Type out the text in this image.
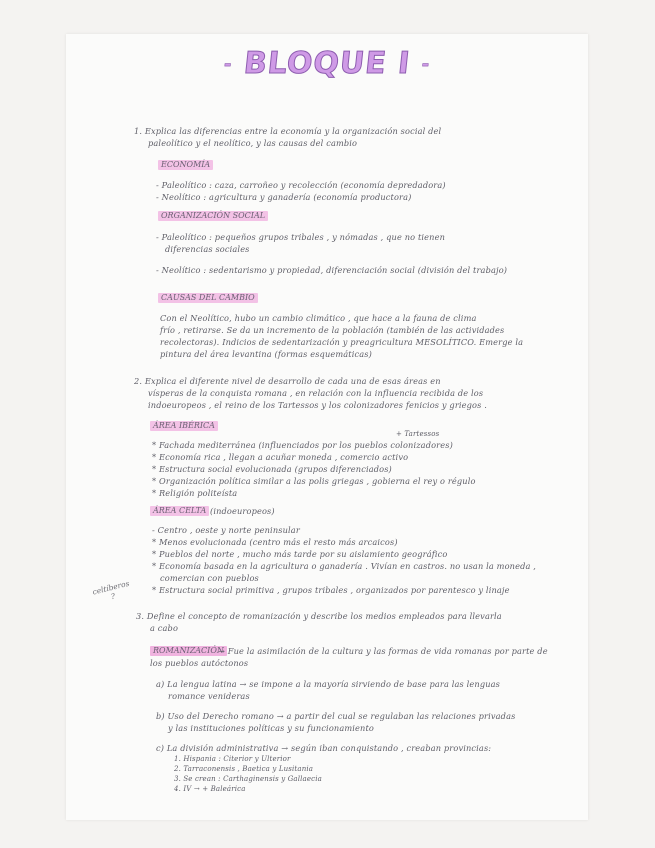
- BLOQUE I -
1. Explica las diferencias entre la economía y la organización social del
paleolítico y el neolítico, y las causas del cambio
ECONOMÍA
- Paleolítico : caza, carroñeo y recolección (economía depredadora)
- Neolítico : agricultura y ganadería (economía productora)
ORGANIZACIÓN SOCIAL
- Paleolítico : pequeños grupos tribales , y nómadas , que no tienen
diferencias sociales
- Neolítico : sedentarismo y propiedad, diferenciación social (división del trabajo)
CAUSAS DEL CAMBIO
Con el Neolítico, hubo un cambio climático , que hace a la fauna de clima
frío , retirarse. Se da un incremento de la población (también de las actividades
recolectoras). Indicios de sedentarización y preagricultura MESOLÍTICO. Emerge la
pintura del área levantina (formas esquemáticas)
2. Explica el diferente nivel de desarrollo de cada una de esas áreas en
vísperas de la conquista romana , en relación con la influencia recibida de los
indoeuropeos , el reino de los Tartessos y los colonizadores fenicios y griegos .
ÁREA IBÉRICA
+ Tartessos
* Fachada mediterránea (influenciados por los pueblos colonizadores)
* Economía rica , llegan a acuñar moneda , comercio activo
* Estructura social evolucionada (grupos diferenciados)
* Organización política similar a las polis griegas , gobierna el rey o régulo
* Religión politeísta
ÁREA CELTA (indoeuropeos)
- Centro , oeste y norte peninsular
* Menos evolucionada (centro más el resto más arcaicos)
* Pueblos del norte , mucho más tarde por su aislamiento geográfico
* Economía basada en la agricultura o ganadería . Vivían en castros. no usan la moneda ,
comercian con pueblos
* Estructura social primitiva , grupos tribales , organizados por parentesco y linaje
celtíberos ?
3. Define el concepto de romanización y describe los medios empleados para llevarla
a cabo
ROMANIZACIÓN
→ Fue la asimilación de la cultura y las formas de vida romanas por parte de
los pueblos autóctonos
a) La lengua latina → se impone a la mayoría sirviendo de base para las lenguas
romance venideras
b) Uso del Derecho romano → a partir del cual se regulaban las relaciones privadas
y las instituciones políticas y su funcionamiento
c) La división administrativa → según iban conquistando , creaban provincias:
1. Hispania : Citerior y Ulterior
2. Tarraconensis , Baetica y Lusitania
3. Se crean : Carthaginensis y Gallaecia
4. IV → + Baleárica
